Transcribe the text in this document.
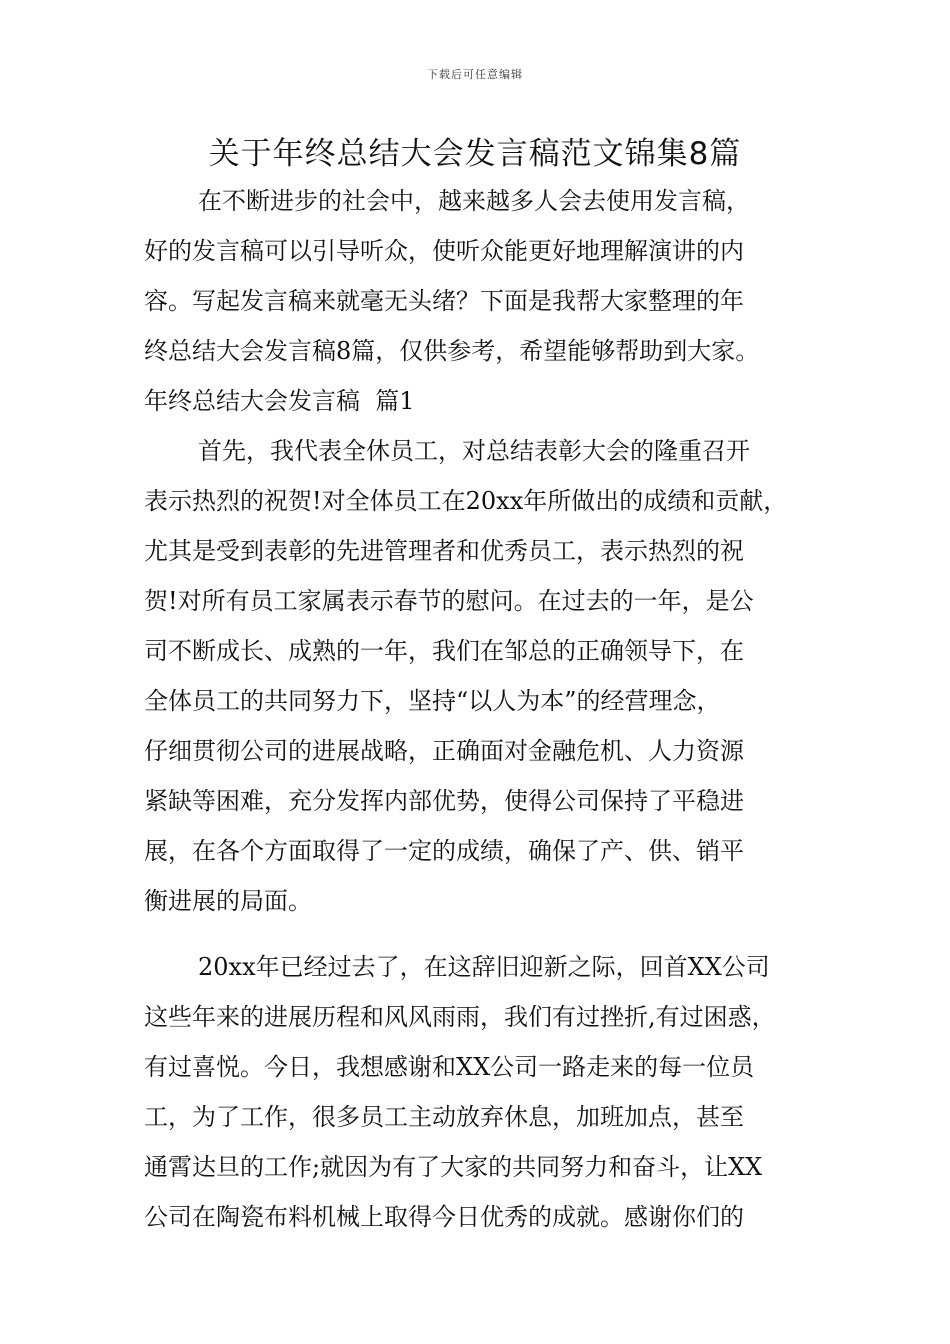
下载后可任意编辑
关于年终总结大会发言稿范文锦集8篇

在不断进步的社会中，越来越多人会去使用发言稿，

好的发言稿可以引导听众，使听众能更好地理解演讲的内

容。写起发言稿来就毫无头绪？下面是我帮大家整理的年

终总结大会发言稿8篇，仅供参考，希望能够帮助到大家。

年终总结大会发言稿  篇1

首先，我代表全休员工，对总结表彰大会的隆重召开

表示热烈的祝贺!对全体员工在20xx年所做出的成绩和贡献，

尤其是受到表彰的先进管理者和优秀员工，表示热烈的祝

贺!对所有员工家属表示春节的慰问。在过去的一年，是公

司不断成长、成熟的一年，我们在邹总的正确领导下，在

全体员工的共同努力下，坚持“以人为本”的经营理念，

仔细贯彻公司的进展战略，正确面对金融危机、人力资源

紧缺等困难，充分发挥内部优势，使得公司保持了平稳进

展，在各个方面取得了一定的成绩，确保了产、供、销平

衡进展的局面。

20xx年已经过去了，在这辞旧迎新之际，回首XX公司

这些年来的进展历程和风风雨雨，我们有过挫折,有过困惑，

有过喜悦。今日，我想感谢和XX公司一路走来的每一位员

工，为了工作，很多员工主动放弃休息，加班加点，甚至

通霄达旦的工作;就因为有了大家的共同努力和奋斗，让XX

公司在陶瓷布料机械上取得今日优秀的成就。感谢你们的
